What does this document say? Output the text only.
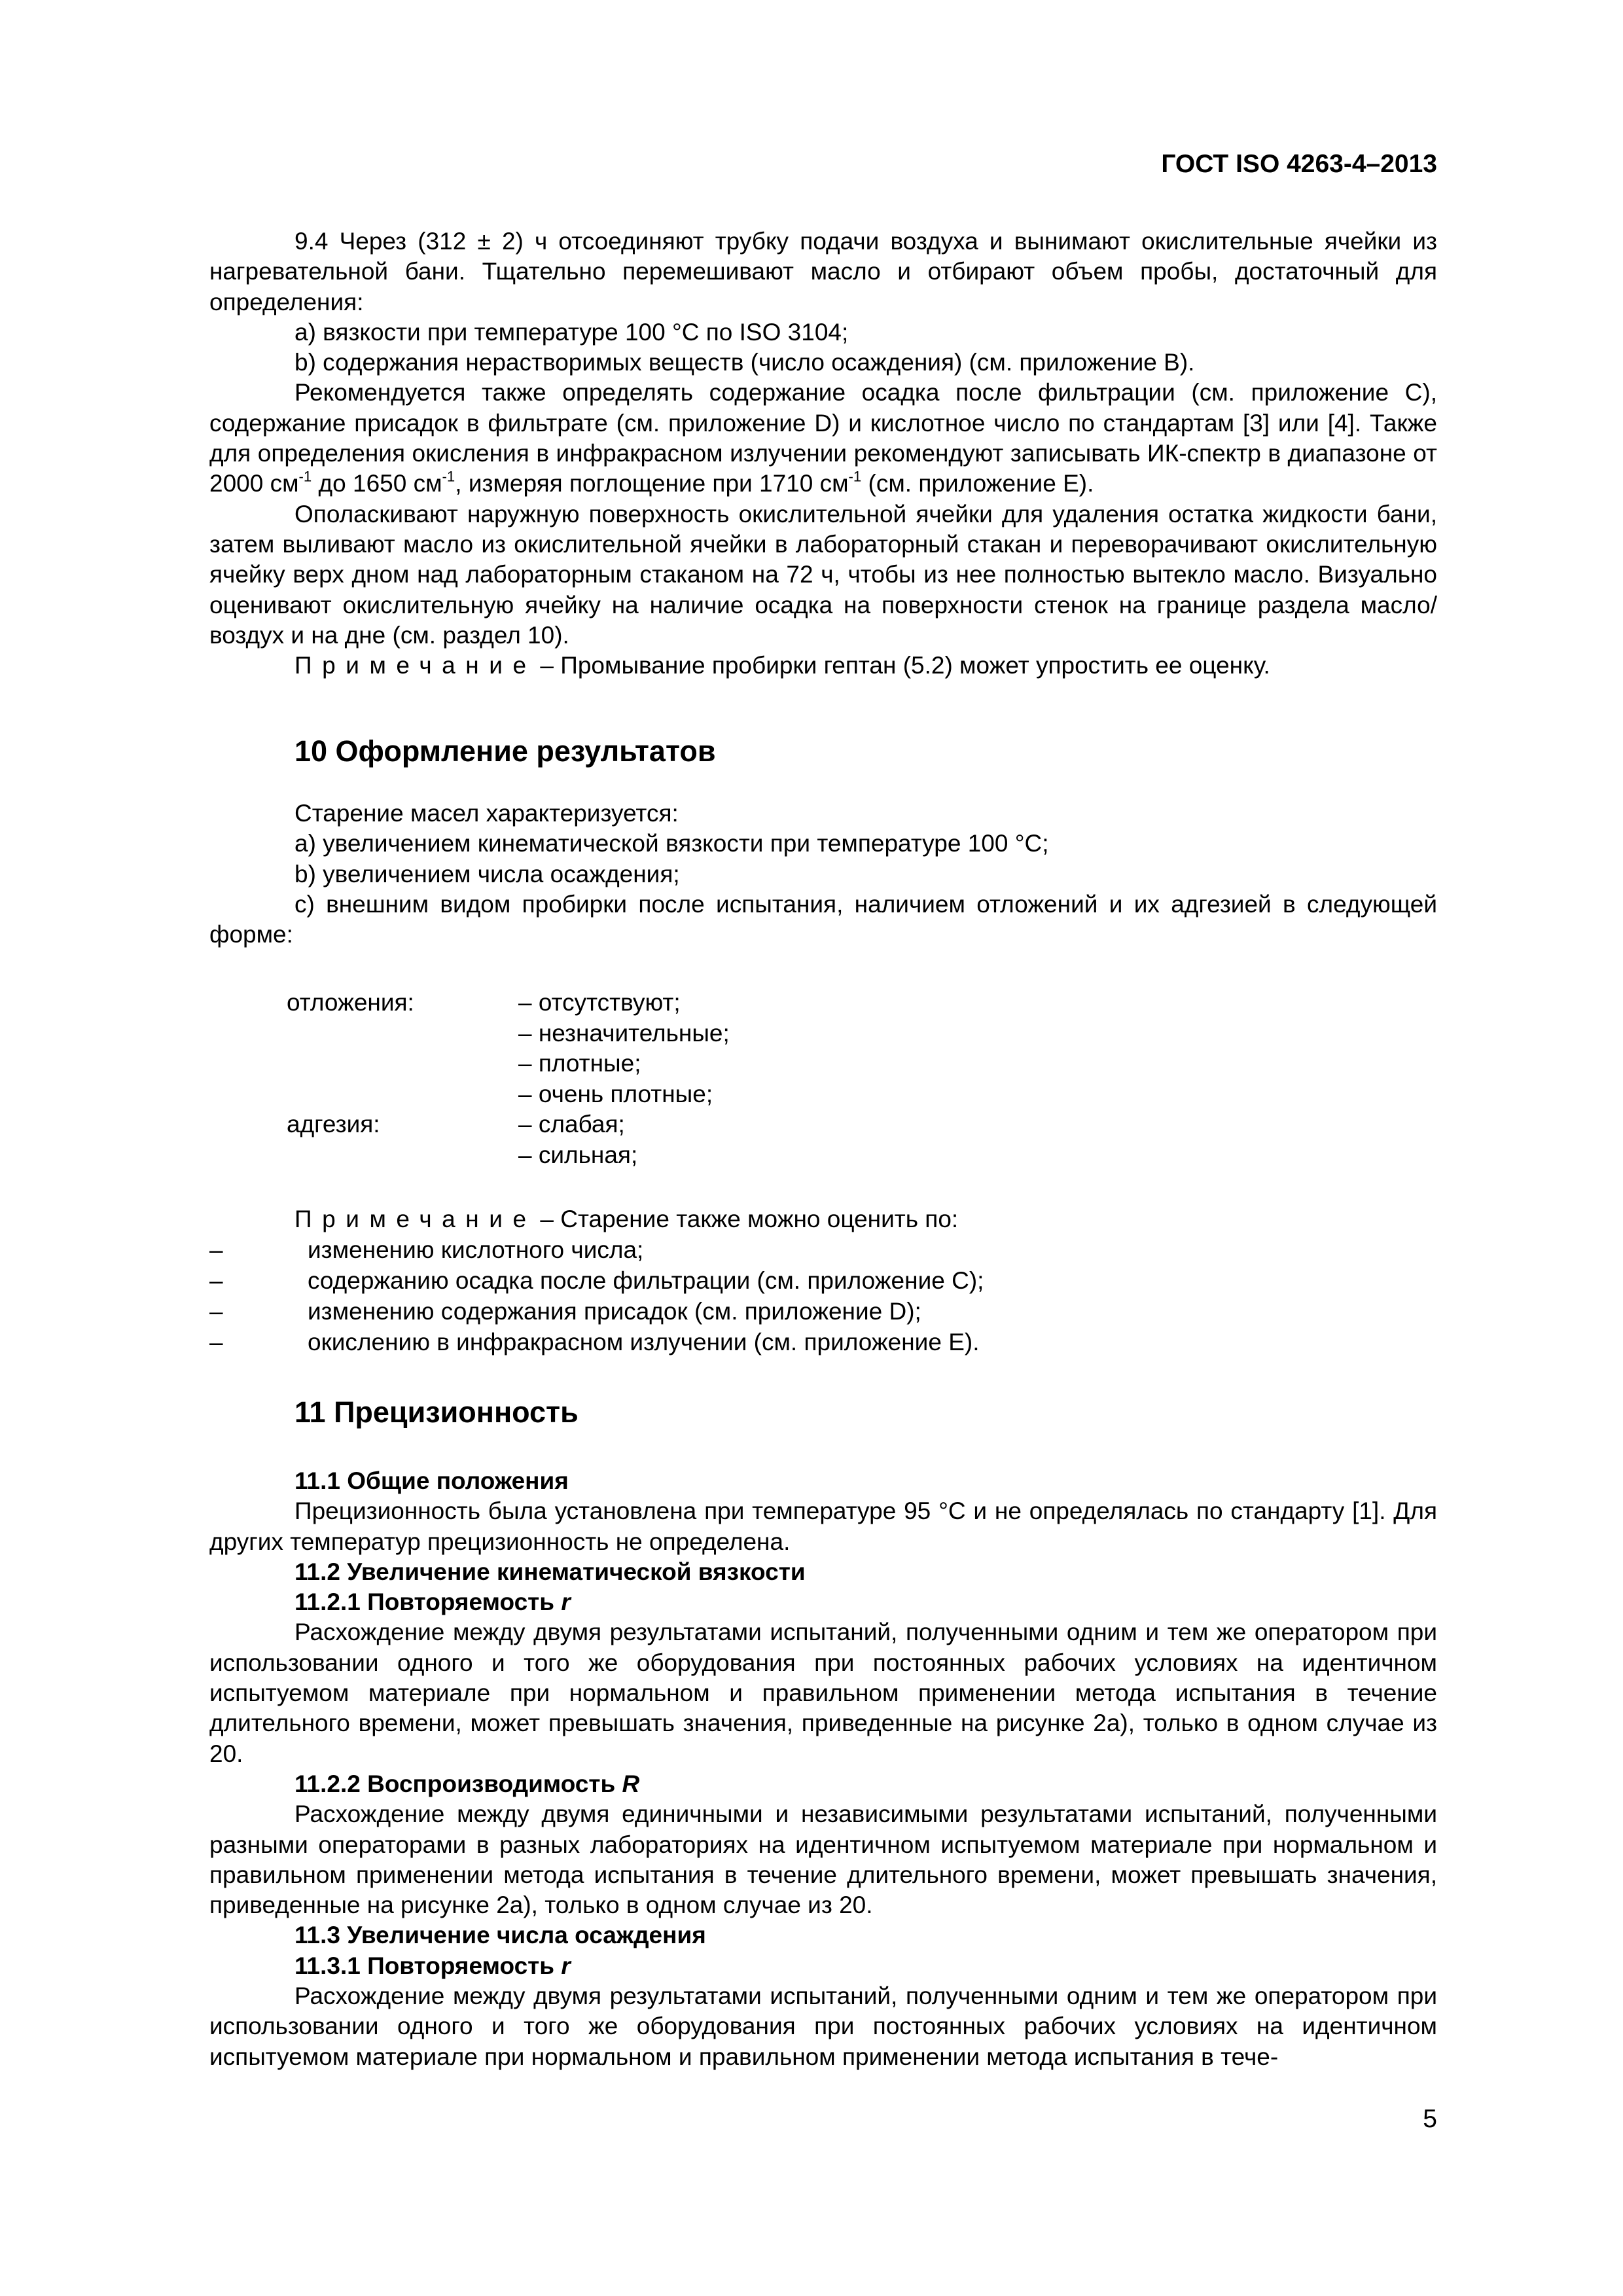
ГОСТ ISO 4263-4–2013
9.4 Через (312 ± 2) ч отсоединяют трубку подачи воздуха и вынимают окислительные ячейки из нагревательной бани. Тщательно перемешивают масло и отбирают объем пробы, достаточный для определения:
a) вязкости при температуре 100 °C по ISO 3104;
b) содержания нерастворимых веществ (число осаждения) (см. приложение B).
Рекомендуется также определять содержание осадка после фильтрации (см. приложение C), содержание присадок в фильтрате (см. приложение D) и кислотное число по стандартам [3] или [4]. Также для определения окисления в инфракрасном излучении рекомендуют записывать ИК-спектр в диапазоне от 2000 $см^{-1}$ до 1650 $см^{-1}$, измеряя поглощение при 1710 $см^{-1}$ (см. приложение E).
Ополаскивают наружную поверхность окислительной ячейки для удаления остатка жидкости бани, затем выливают масло из окислительной ячейки в лабораторный стакан и переворачивают окислительную ячейку верх дном над лабораторным стаканом на 72 ч, чтобы из нее полностью вытекло масло. Визуально оценивают окислительную ячейку на наличие осадка на поверхности стенок на границе раздела масло/воздух и на дне (см. раздел 10).
Примечание – Промывание пробирки гептан (5.2) может упростить ее оценку.
10 Оформление результатов
Старение масел характеризуется:
a) увеличением кинематической вязкости при температуре 100 °C;
b) увеличением числа осаждения;
c) внешним видом пробирки после испытания, наличием отложений и их адгезией в следующей форме:
отложения:	– отсутствуют;
– незначительные;
– плотные;
– очень плотные;
адгезия:	– слабая;
– сильная;
Примечание – Старение также можно оценить по:
–	изменению кислотного числа;
–	содержанию осадка после фильтрации (см. приложение C);
–	изменению содержания присадок (см. приложение D);
–	окислению в инфракрасном излучении (см. приложение E).
11 Прецизионность
11.1 Общие положения
Прецизионность была установлена при температуре 95 °C и не определялась по стандарту [1]. Для других температур прецизионность не определена.
11.2 Увеличение кинематической вязкости
11.2.1 Повторяемость r
Расхождение между двумя результатами испытаний, полученными одним и тем же оператором при использовании одного и того же оборудования при постоянных рабочих условиях на идентичном испытуемом материале при нормальном и правильном применении метода испытания в течение длительного времени, может превышать значения, приведенные на рисунке 2а), только в одном случае из 20.
11.2.2 Воспроизводимость R
Расхождение между двумя единичными и независимыми результатами испытаний, полученными разными операторами в разных лабораториях на идентичном испытуемом материале при нормальном и правильном применении метода испытания в течение длительного времени, может превышать значения, приведенные на рисунке 2а), только в одном случае из 20.
11.3 Увеличение числа осаждения
11.3.1 Повторяемость r
Расхождение между двумя результатами испытаний, полученными одним и тем же оператором при использовании одного и того же оборудования при постоянных рабочих условиях на идентичном испытуемом материале при нормальном и правильном применении метода испытания в тече-
5
